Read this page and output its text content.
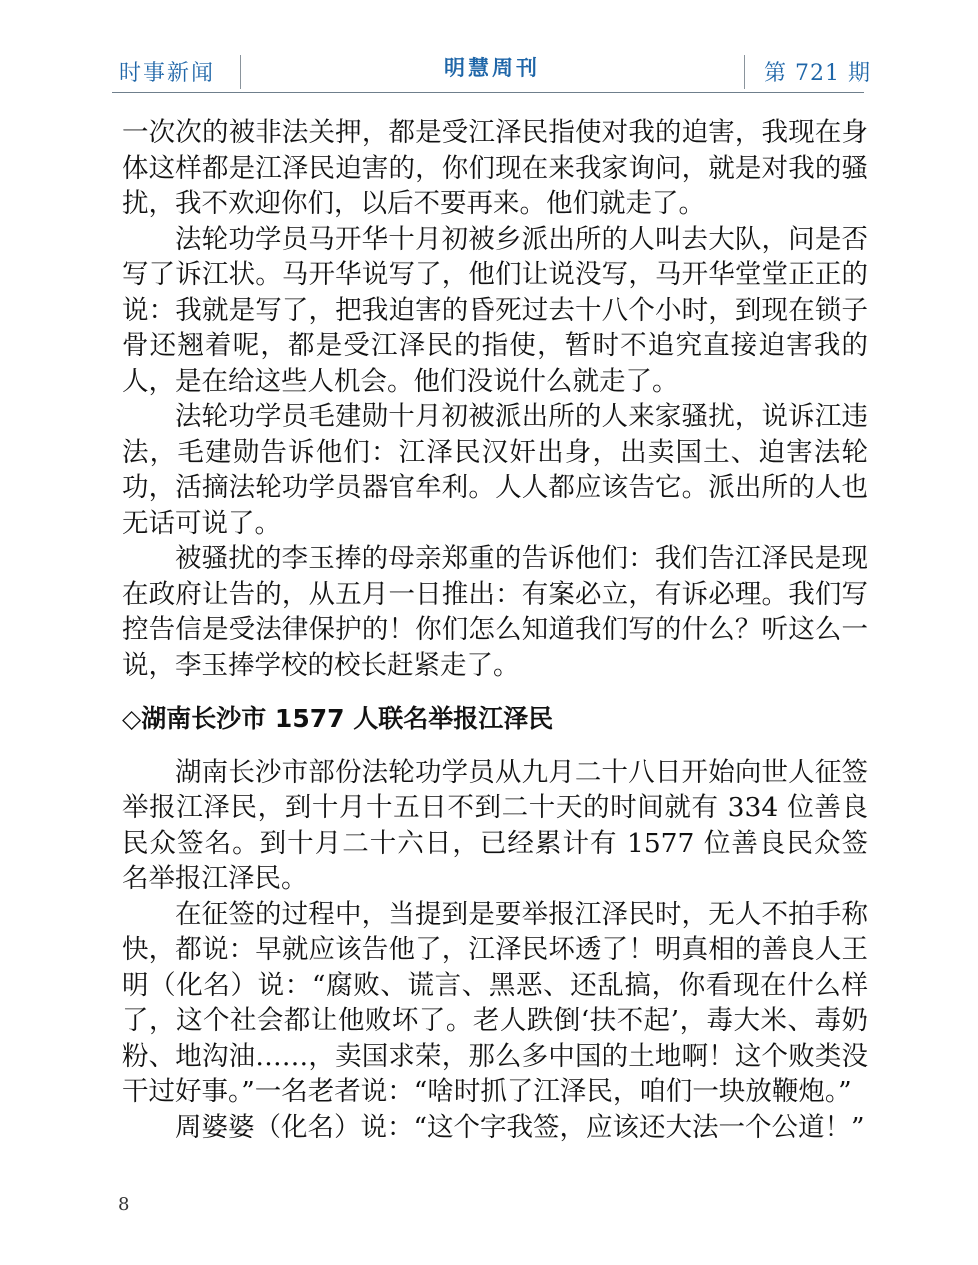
时事新闻	明慧周刊	第 721 期

一次次的被非法关押，都是受江泽民指使对我的迫害，我现在身体这样都是江泽民迫害的，你们现在来我家询问，就是对我的骚扰，我不欢迎你们，以后不要再来。他们就走了。

法轮功学员马开华十月初被乡派出所的人叫去大队，问是否写了诉江状。马开华说写了，他们让说没写，马开华堂堂正正的说：我就是写了，把我迫害的昏死过去十八个小时，到现在锁子骨还翘着呢，都是受江泽民的指使，暂时不追究直接迫害我的人，是在给这些人机会。他们没说什么就走了。

法轮功学员毛建勋十月初被派出所的人来家骚扰，说诉江违法，毛建勋告诉他们：江泽民汉奸出身，出卖国土、迫害法轮功，活摘法轮功学员器官牟利。人人都应该告它。派出所的人也无话可说了。

被骚扰的李玉捧的母亲郑重的告诉他们：我们告江泽民是现在政府让告的，从五月一日推出：有案必立，有诉必理。我们写控告信是受法律保护的！你们怎么知道我们写的什么？听这么一说，李玉捧学校的校长赶紧走了。

◇湖南长沙市 1577 人联名举报江泽民

湖南长沙市部份法轮功学员从九月二十八日开始向世人征签举报江泽民，到十月十五日不到二十天的时间就有 334 位善良民众签名。到十月二十六日，已经累计有 1577 位善良民众签名举报江泽民。

在征签的过程中，当提到是要举报江泽民时，无人不拍手称快，都说：早就应该告他了，江泽民坏透了！明真相的善良人王明（化名）说：“腐败、谎言、黑恶、还乱搞，你看现在什么样了，这个社会都让他败坏了。老人跌倒‘扶不起’，毒大米、毒奶粉、地沟油……，卖国求荣，那么多中国的土地啊！这个败类没干过好事。”一名老者说：“啥时抓了江泽民，咱们一块放鞭炮。”

周婆婆（化名）说：“这个字我签，应该还大法一个公道！”

8
